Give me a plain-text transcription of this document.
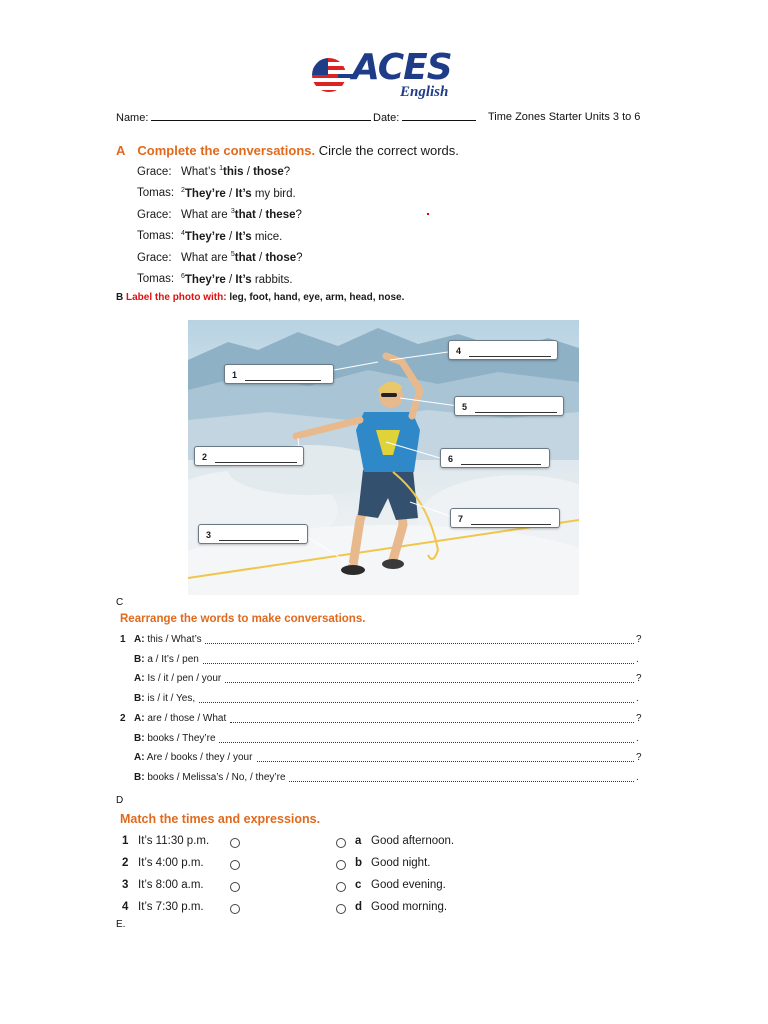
ACES
English
Name:	Date:	Time Zones Starter Units 3 to 6
A Complete the conversations. Circle the correct words.
Grace: What’s $^1$this / those?
Tomas: $^2$They’re / It’s my bird.
Grace: What are $^3$that / these?
Tomas: $^4$They’re / It’s mice.
Grace: What are $^5$that / those?
Tomas: $^6$They’re / It’s rabbits.
B Label the photo with: leg, foot, hand, eye, arm, head, nose.
1
2
3
4
5
6
7
C
Rearrange the words to make conversations.
1 A: this / What’s	?
B: a / It’s / pen	.
A: Is / it / pen / your	?
B: is / it / Yes,	.
2 A: are / those / What	?
B: books / They’re	.
A: Are / books / they / your	?
B: books / Melissa’s / No, / they’re	.
D
Match the times and expressions.
1 It’s 11:30 p.m.	a Good afternoon.
2 It’s 4:00 p.m.	b Good night.
3 It’s 8:00 a.m.	c Good evening.
4 It’s 7:30 p.m.	d Good morning.
E.
